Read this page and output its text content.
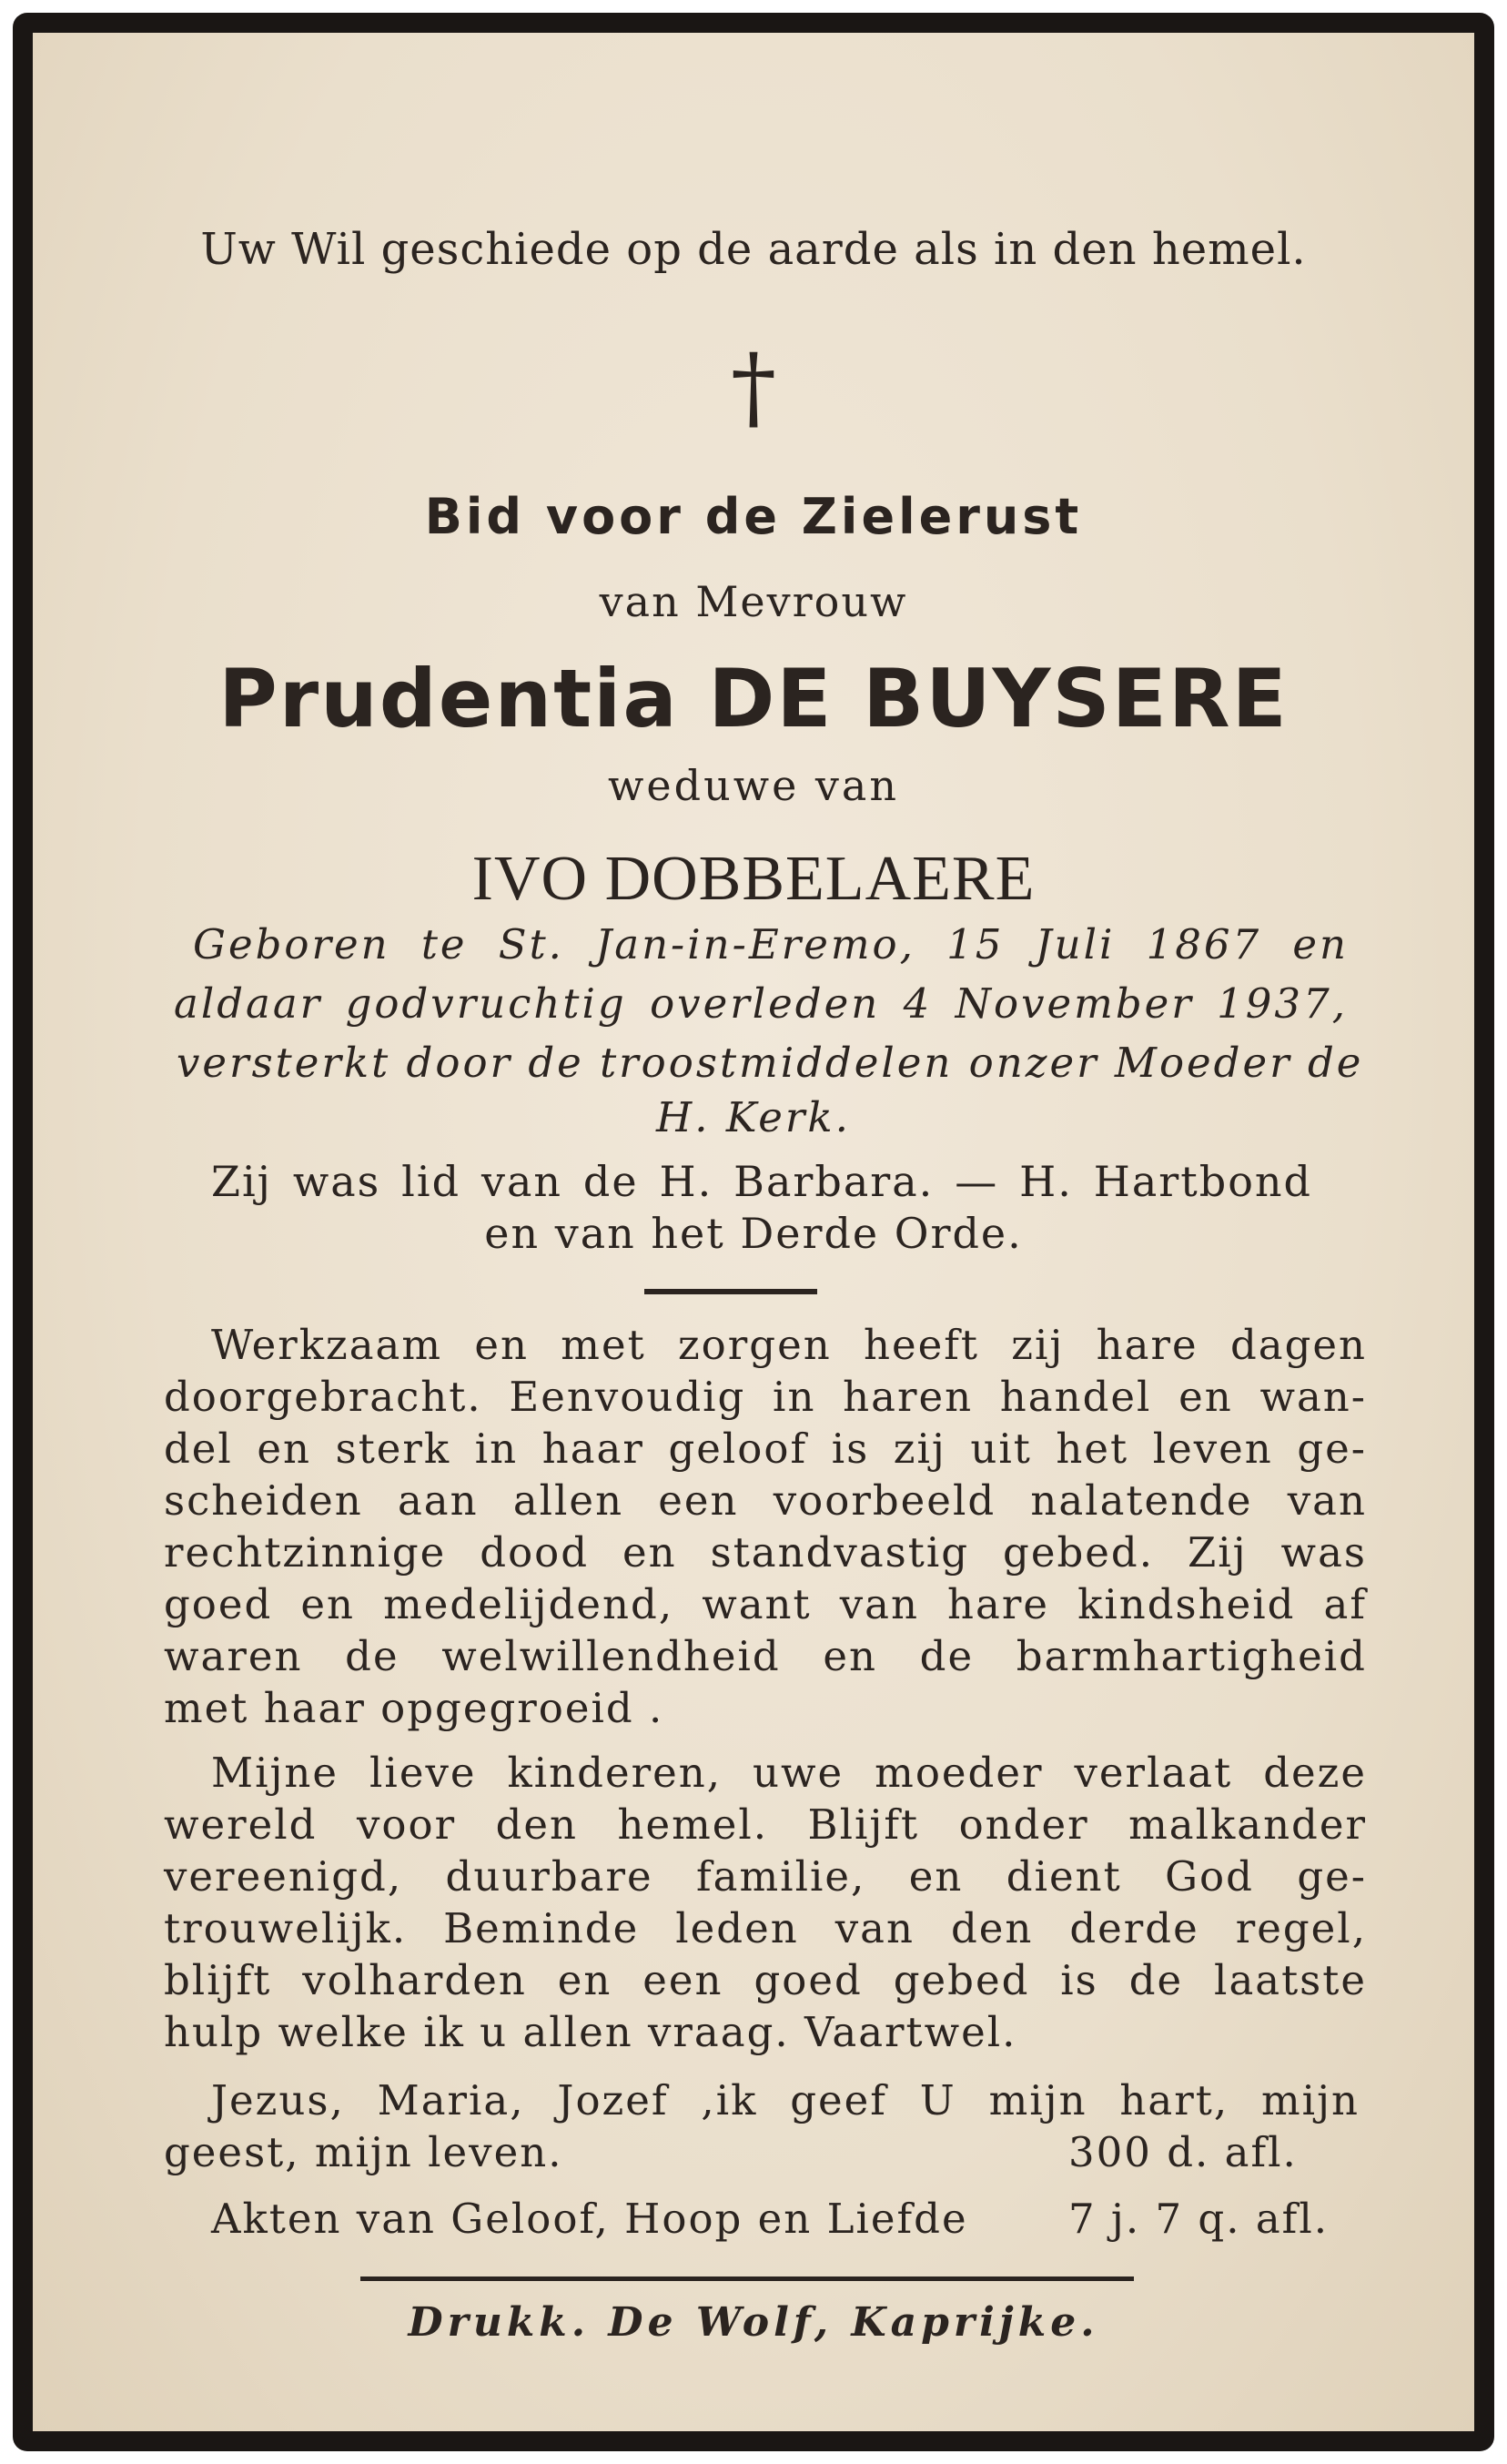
Uw Wil geschiede op de aarde als in den hemel.
†
Bid voor de Zielerust
van Mevrouw
Prudentia DE BUYSERE
weduwe van
IVO DOBBELAERE
Geboren te St. Jan-in-Eremo, 15 Juli 1867 en
aldaar godvruchtig overleden 4 November 1937,
versterkt door de troostmiddelen onzer Moeder de
H. Kerk.
Zij was lid van de H. Barbara. — H. Hartbond
en van het Derde Orde.
Werkzaam en met zorgen heeft zij hare dagen
doorgebracht. Eenvoudig in haren handel en wan-
del en sterk in haar geloof is zij uit het leven ge-
scheiden aan allen een voorbeeld nalatende van
rechtzinnige dood en standvastig gebed. Zij was
goed en medelijdend, want van hare kindsheid af
waren de welwillendheid en de barmhartigheid
met haar opgegroeid .
Mijne lieve kinderen, uwe moeder verlaat deze
wereld voor den hemel. Blijft onder malkander
vereenigd, duurbare familie, en dient God ge-
trouwelijk. Beminde leden van den derde regel,
blijft volharden en een goed gebed is de laatste
hulp welke ik u allen vraag. Vaartwel.
Jezus, Maria, Jozef ,ik geef U mijn hart, mijn
geest, mijn leven.	300 d. afl.
Akten van Geloof, Hoop en Liefde 7 j. 7 q. afl.
Drukk. De Wolf, Kaprijke.
